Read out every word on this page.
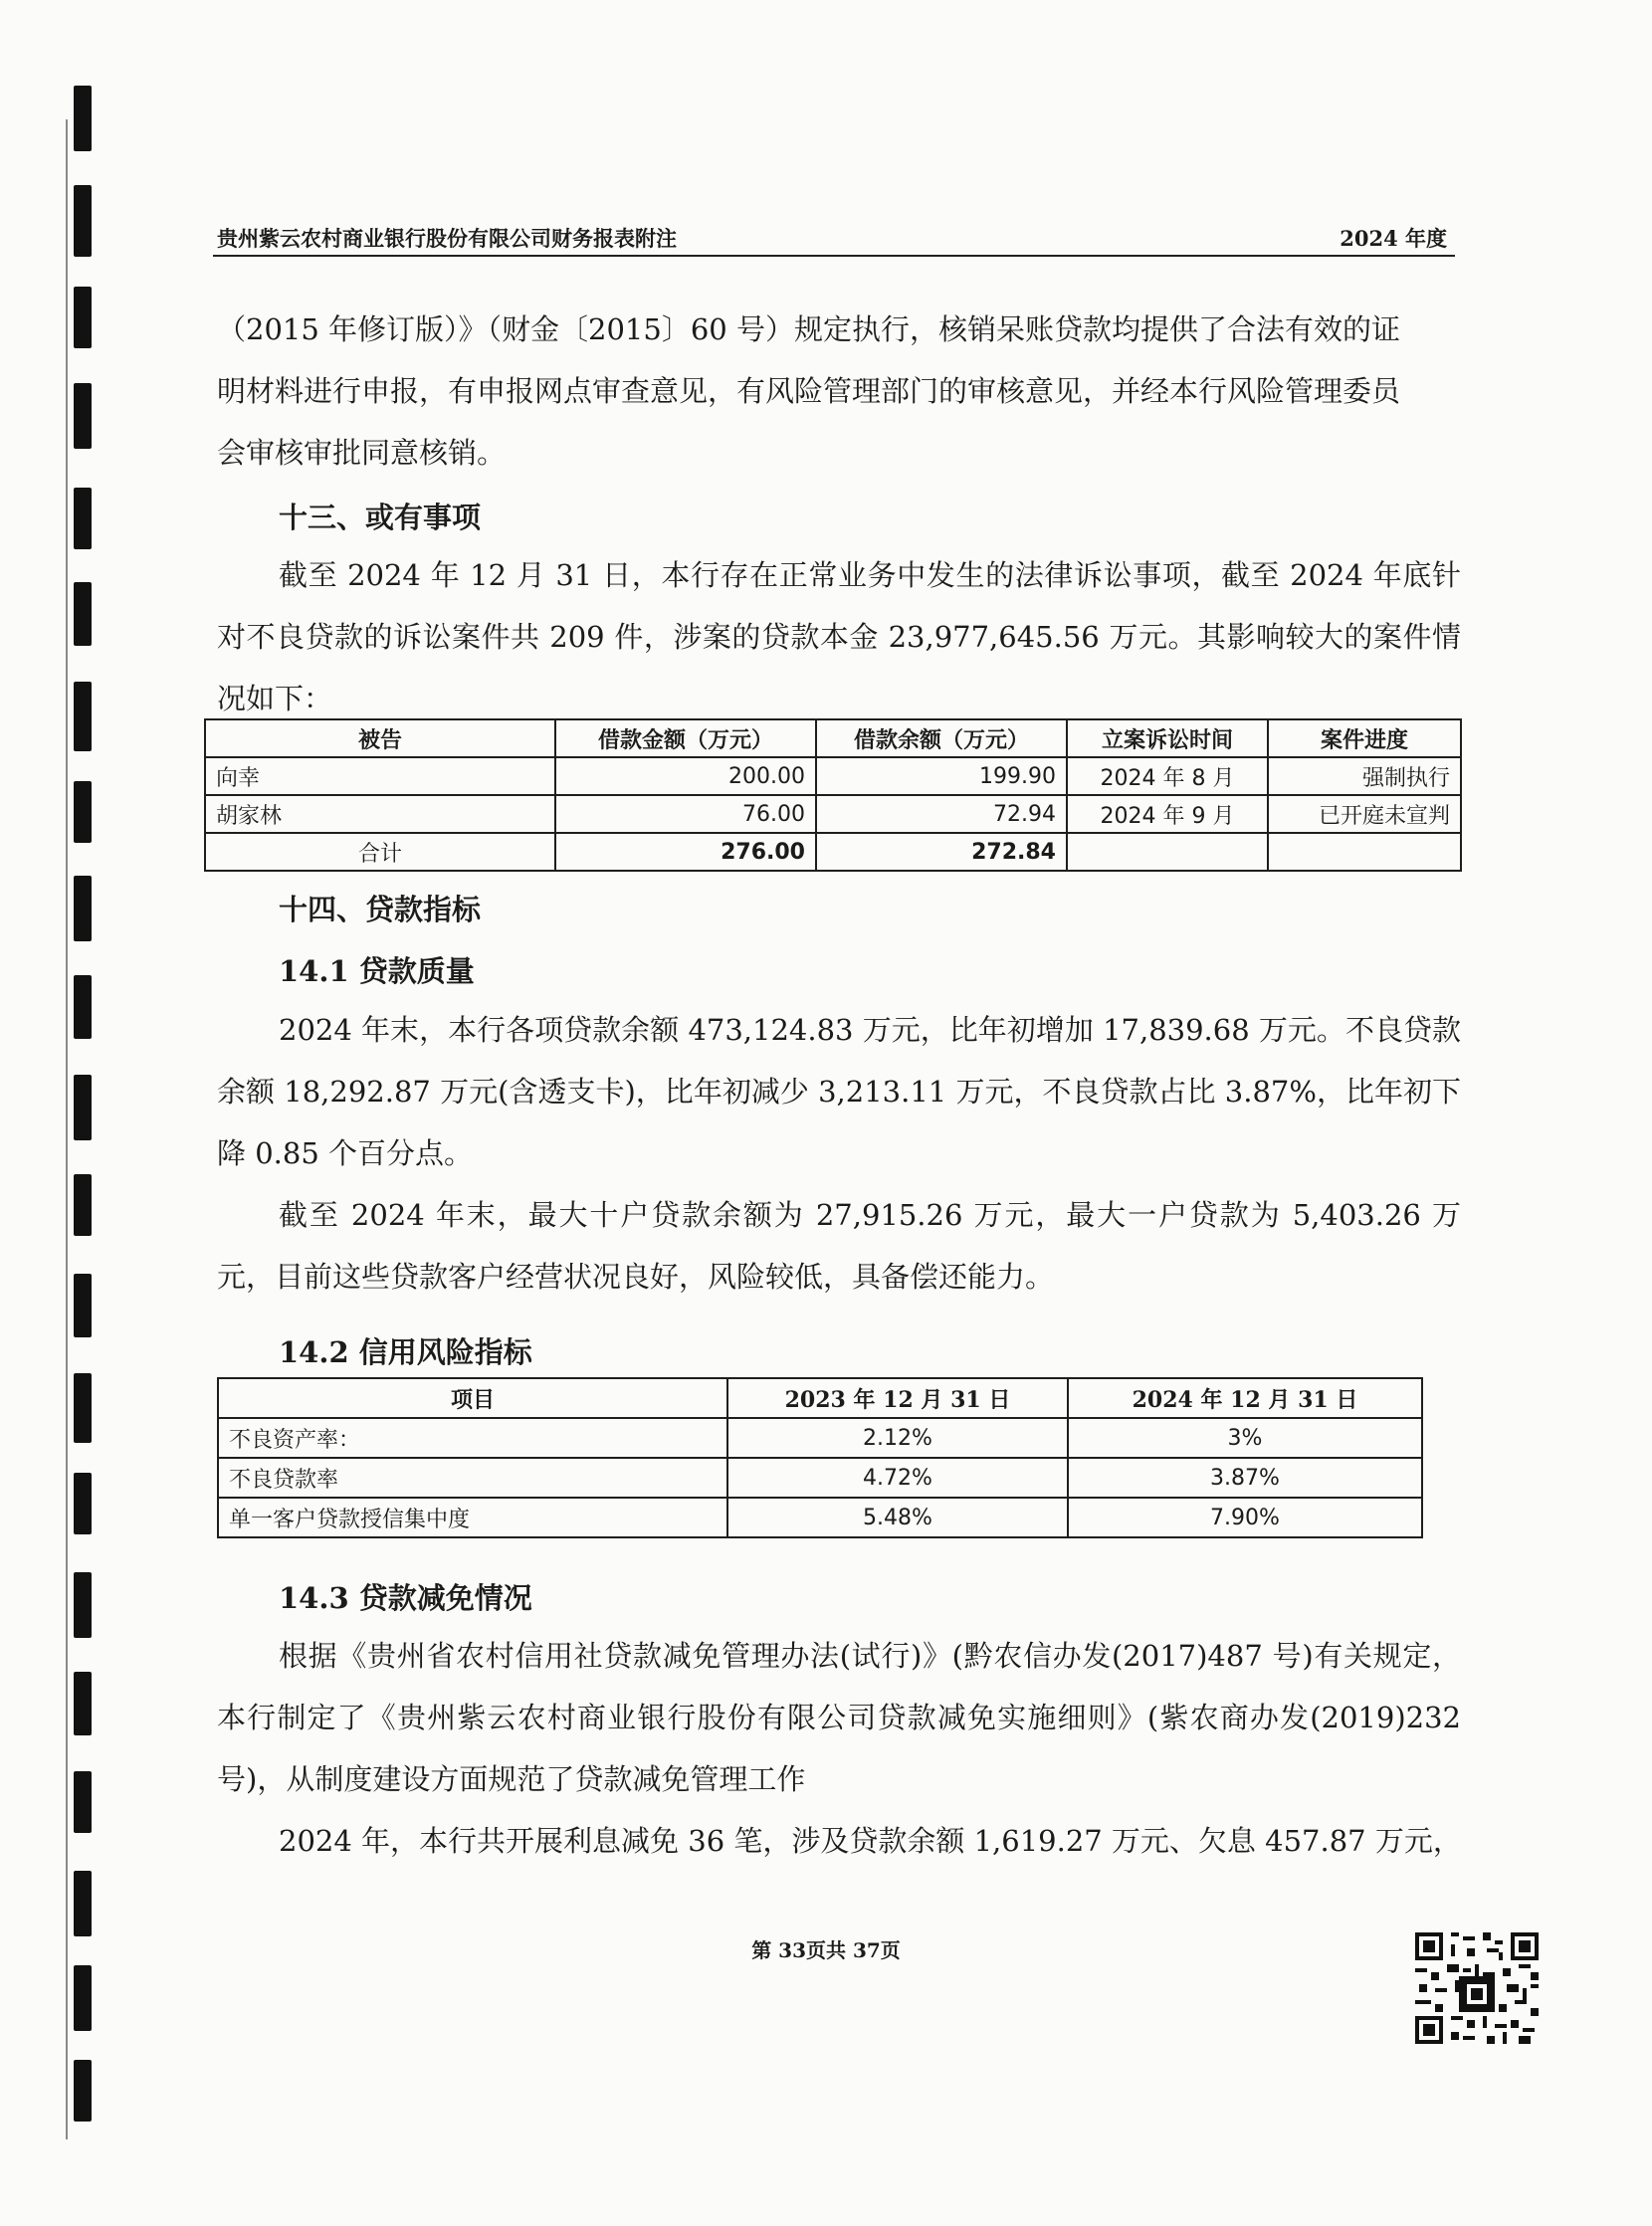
贵州紫云农村商业银行股份有限公司财务报表附注	2024 年度

（2015 年修订版）》（财金〔2015〕60 号）规定执行，核销呆账贷款均提供了合法有效的证

明材料进行申报，有申报网点审查意见，有风险管理部门的审核意见，并经本行风险管理委员

会审核审批同意核销。

十三、或有事项

截至 2024 年 12 月 31 日，本行存在正常业务中发生的法律诉讼事项，截至 2024 年底针对不良贷款的诉讼案件共 209 件，涉案的贷款本金 23,977,645.56 万元。其影响较大的案件情况如下：

被告	借款金额（万元）	借款余额（万元）	立案诉讼时间	案件进度
向幸	200.00	199.90	2024 年 8 月	强制执行
胡家林	76.00	72.94	2024 年 9 月	已开庭未宣判
合计	276.00	272.84		

十四、贷款指标

14.1 贷款质量

2024 年末，本行各项贷款余额 473,124.83 万元，比年初增加 17,839.68 万元。不良贷款余额 18,292.87 万元(含透支卡)，比年初减少 3,213.11 万元，不良贷款占比 3.87%，比年初下降 0.85 个百分点。

截至 2024 年末，最大十户贷款余额为 27,915.26 万元，最大一户贷款为 5,403.26 万元，目前这些贷款客户经营状况良好，风险较低，具备偿还能力。

14.2 信用风险指标

项目	2023 年 12 月 31 日	2024 年 12 月 31 日
不良资产率：	2.12%	3%
不良贷款率	4.72%	3.87%
单一客户贷款授信集中度	5.48%	7.90%

14.3 贷款减免情况

根据《贵州省农村信用社贷款减免管理办法(试行)》(黔农信办发(2017)487 号)有关规定，本行制定了《贵州紫云农村商业银行股份有限公司贷款减免实施细则》(紫农商办发(2019)232号)，从制度建设方面规范了贷款减免管理工作

2024 年，本行共开展利息减免 36 笔，涉及贷款余额 1,619.27 万元、欠息 457.87 万元，

第 33页共 37页
